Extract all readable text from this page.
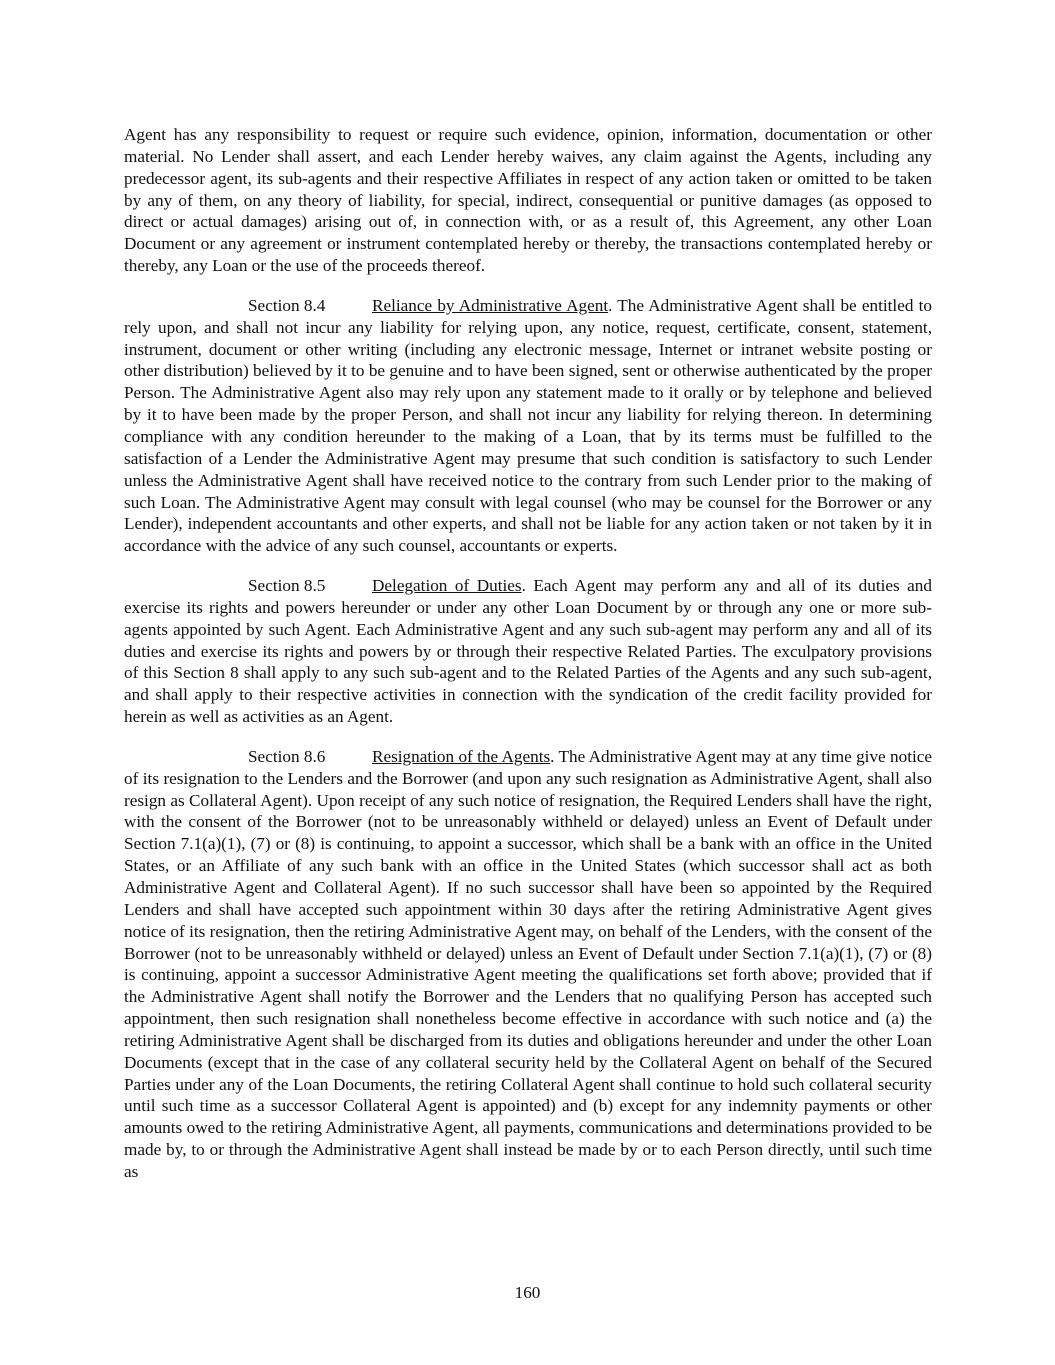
Agent has any responsibility to request or require such evidence, opinion, information, documentation or other material. No Lender shall assert, and each Lender hereby waives, any claim against the Agents, including any predecessor agent, its sub-agents and their respective Affiliates in respect of any action taken or omitted to be taken by any of them, on any theory of liability, for special, indirect, consequential or punitive damages (as opposed to direct or actual damages) arising out of, in connection with, or as a result of, this Agreement, any other Loan Document or any agreement or instrument contemplated hereby or thereby, the transactions contemplated hereby or thereby, any Loan or the use of the proceeds thereof.

Section 8.4	Reliance by Administrative Agent. The Administrative Agent shall be entitled to rely upon, and shall not incur any liability for relying upon, any notice, request, certificate, consent, statement, instrument, document or other writing (including any electronic message, Internet or intranet website posting or other distribution) believed by it to be genuine and to have been signed, sent or otherwise authenticated by the proper Person. The Administrative Agent also may rely upon any statement made to it orally or by telephone and believed by it to have been made by the proper Person, and shall not incur any liability for relying thereon. In determining compliance with any condition hereunder to the making of a Loan, that by its terms must be fulfilled to the satisfaction of a Lender the Administrative Agent may presume that such condition is satisfactory to such Lender unless the Administrative Agent shall have received notice to the contrary from such Lender prior to the making of such Loan. The Administrative Agent may consult with legal counsel (who may be counsel for the Borrower or any Lender), independent accountants and other experts, and shall not be liable for any action taken or not taken by it in accordance with the advice of any such counsel, accountants or experts.

Section 8.5	Delegation of Duties. Each Agent may perform any and all of its duties and exercise its rights and powers hereunder or under any other Loan Document by or through any one or more sub-agents appointed by such Agent. Each Administrative Agent and any such sub-agent may perform any and all of its duties and exercise its rights and powers by or through their respective Related Parties. The exculpatory provisions of this Section 8 shall apply to any such sub-agent and to the Related Parties of the Agents and any such sub-agent, and shall apply to their respective activities in connection with the syndication of the credit facility provided for herein as well as activities as an Agent.

Section 8.6	Resignation of the Agents. The Administrative Agent may at any time give notice of its resignation to the Lenders and the Borrower (and upon any such resignation as Administrative Agent, shall also resign as Collateral Agent). Upon receipt of any such notice of resignation, the Required Lenders shall have the right, with the consent of the Borrower (not to be unreasonably withheld or delayed) unless an Event of Default under Section 7.1(a)(1), (7) or (8) is continuing, to appoint a successor, which shall be a bank with an office in the United States, or an Affiliate of any such bank with an office in the United States (which successor shall act as both Administrative Agent and Collateral Agent). If no such successor shall have been so appointed by the Required Lenders and shall have accepted such appointment within 30 days after the retiring Administrative Agent gives notice of its resignation, then the retiring Administrative Agent may, on behalf of the Lenders, with the consent of the Borrower (not to be unreasonably withheld or delayed) unless an Event of Default under Section 7.1(a)(1), (7) or (8) is continuing, appoint a successor Administrative Agent meeting the qualifications set forth above; provided that if the Administrative Agent shall notify the Borrower and the Lenders that no qualifying Person has accepted such appointment, then such resignation shall nonetheless become effective in accordance with such notice and (a) the retiring Administrative Agent shall be discharged from its duties and obligations hereunder and under the other Loan Documents (except that in the case of any collateral security held by the Collateral Agent on behalf of the Secured Parties under any of the Loan Documents, the retiring Collateral Agent shall continue to hold such collateral security until such time as a successor Collateral Agent is appointed) and (b) except for any indemnity payments or other amounts owed to the retiring Administrative Agent, all payments, communications and determinations provided to be made by, to or through the Administrative Agent shall instead be made by or to each Person directly, until such time as

160
